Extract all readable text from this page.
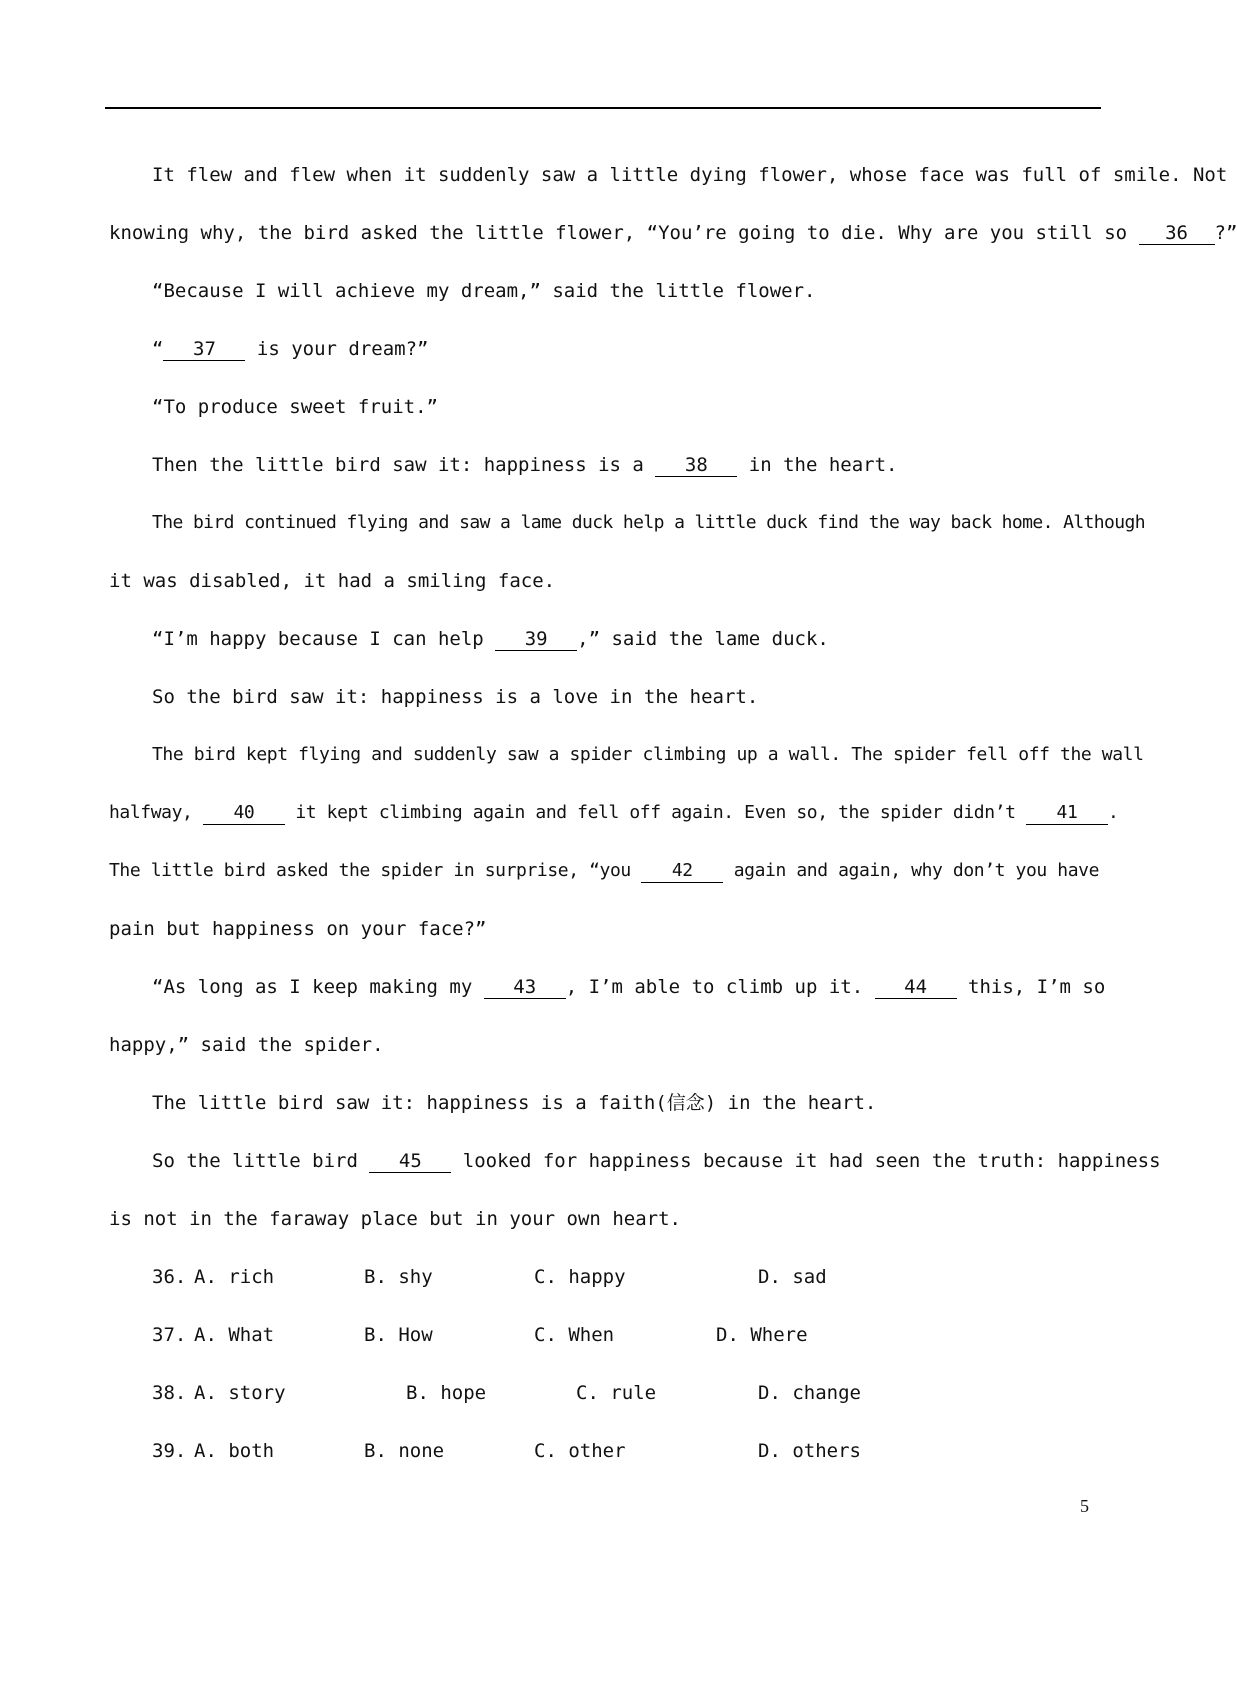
It flew and flew when it suddenly saw a little dying flower, whose face was full of smile. Not
knowing why, the bird asked the little flower, “You’re going to die. Why are you still so 36 ?”
“Because I will achieve my dream,” said the little flower.
“ 37 is your dream?”
“To produce sweet fruit.”
Then the little bird saw it: happiness is a 38 in the heart.
The bird continued flying and saw a lame duck help a little duck find the way back home. Although
it was disabled, it had a smiling face.
“I’m happy because I can help 39 ,” said the lame duck.
So the bird saw it: happiness is a love in the heart.
The bird kept flying and suddenly saw a spider climbing up a wall. The spider fell off the wall
halfway, 40 it kept climbing again and fell off again. Even so, the spider didn’t 41 .
The little bird asked the spider in surprise, “you 42 again and again, why don’t you have
pain but happiness on your face?”
“As long as I keep making my 43 , I’m able to climb up it. 44 this, I’m so
happy,” said the spider.
The little bird saw it: happiness is a faith(信念) in the heart.
So the little bird 45 looked for happiness because it had seen the truth: happiness
is not in the faraway place but in your own heart.
36. A. rich	B. shy	C. happy	D. sad
37. A. What	B. How	C. When	D. Where
38. A. story	B. hope	C. rule	D. change
39. A. both	B. none	C. other	D. others
5
